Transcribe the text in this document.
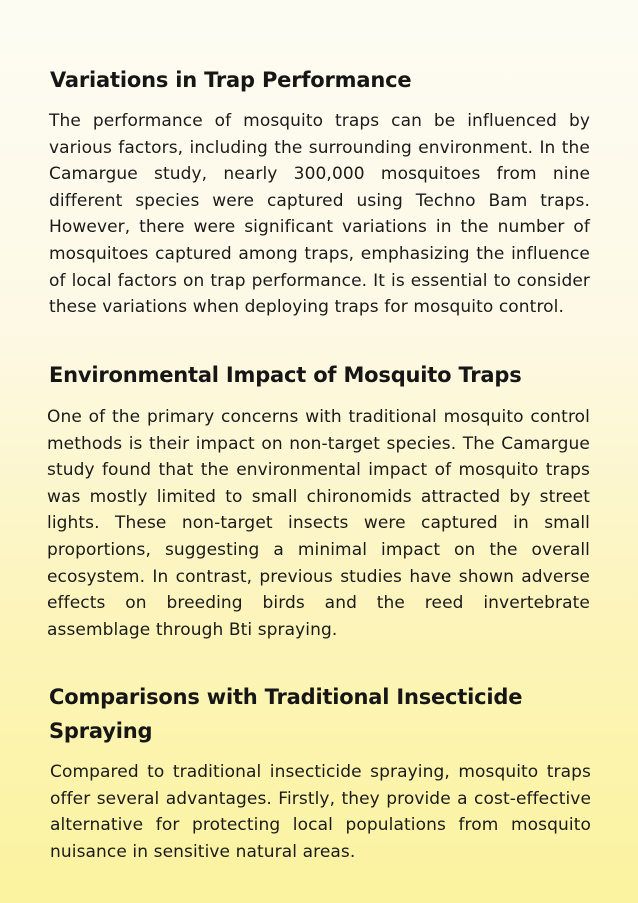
Variations in Trap Performance

The performance of mosquito traps can be influenced by various factors, including the surrounding environment. In the Camargue study, nearly 300,000 mosquitoes from nine different species were captured using Techno Bam traps. However, there were significant variations in the number of mosquitoes captured among traps, emphasizing the influence of local factors on trap performance. It is essential to consider these variations when deploying traps for mosquito control.

Environmental Impact of Mosquito Traps

One of the primary concerns with traditional mosquito control methods is their impact on non-target species. The Camargue study found that the environmental impact of mosquito traps was mostly limited to small chironomids attracted by street lights. These non-target insects were captured in small proportions, suggesting a minimal impact on the overall ecosystem. In contrast, previous studies have shown adverse effects on breeding birds and the reed invertebrate assemblage through Bti spraying.

Comparisons with Traditional Insecticide Spraying

Compared to traditional insecticide spraying, mosquito traps offer several advantages. Firstly, they provide a cost-effective alternative for protecting local populations from mosquito nuisance in sensitive natural areas.
